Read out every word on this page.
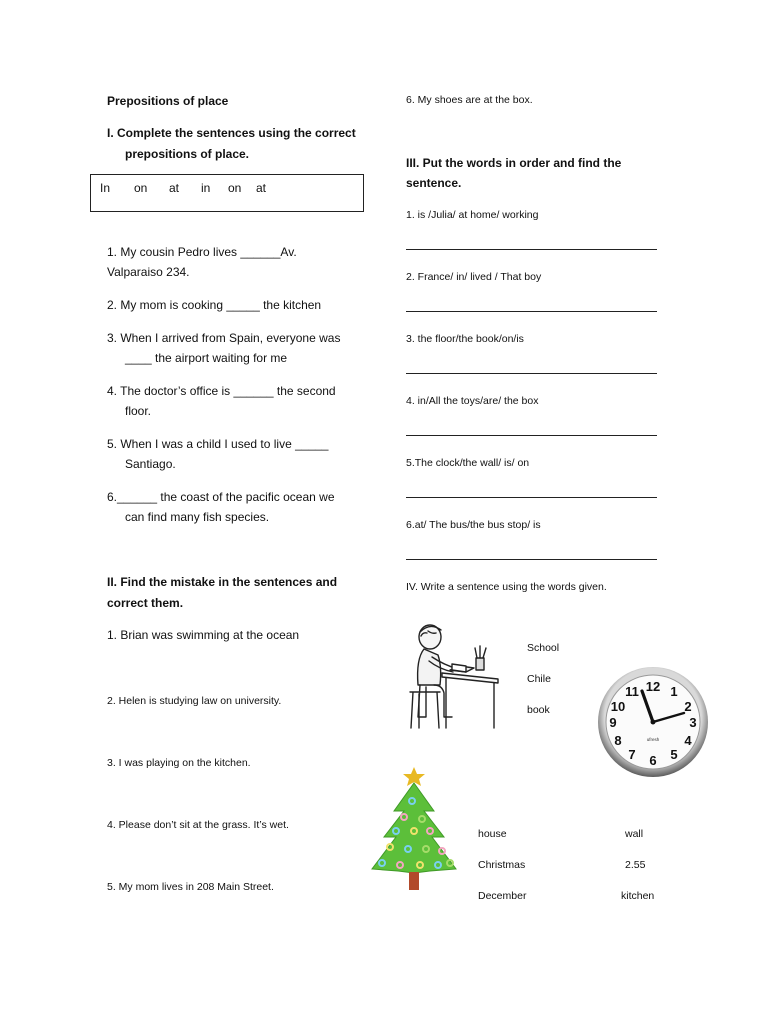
Prepositions of place
I. Complete the sentences using the correct
prepositions of place.
In on at in on at
1. My cousin Pedro lives ______Av.
Valparaiso 234.
2. My mom is cooking _____ the kitchen
3. When I arrived from Spain, everyone was
____ the airport waiting for me
4. The doctor’s office is ______ the second
floor.
5. When I was a child I used to live _____
Santiago.
6.______ the coast of the pacific ocean we
can find many fish species.
II. Find the mistake in the sentences and
correct them.
1. Brian was swimming at the ocean
2. Helen is studying law on university.
3. I was playing on the kitchen.
4. Please don’t sit at the grass. It’s wet.
5. My mom lives in 208 Main Street.
6. My shoes are at the box.
III. Put the words in order and find the
sentence.
1. is /Julia/ at home/ working
2. France/ in/ lived / That boy
3. the floor/the book/on/is
4. in/All the toys/are/ the box
5.The clock/the wall/ is/ on
6.at/ The bus/the bus stop/ is
IV. Write a sentence using the words given.
12 1
2
3
4
5
6
7
8
9
10
11
ufresh
School
Chile
book
house
Christmas
December
wall
2.55
kitchen
